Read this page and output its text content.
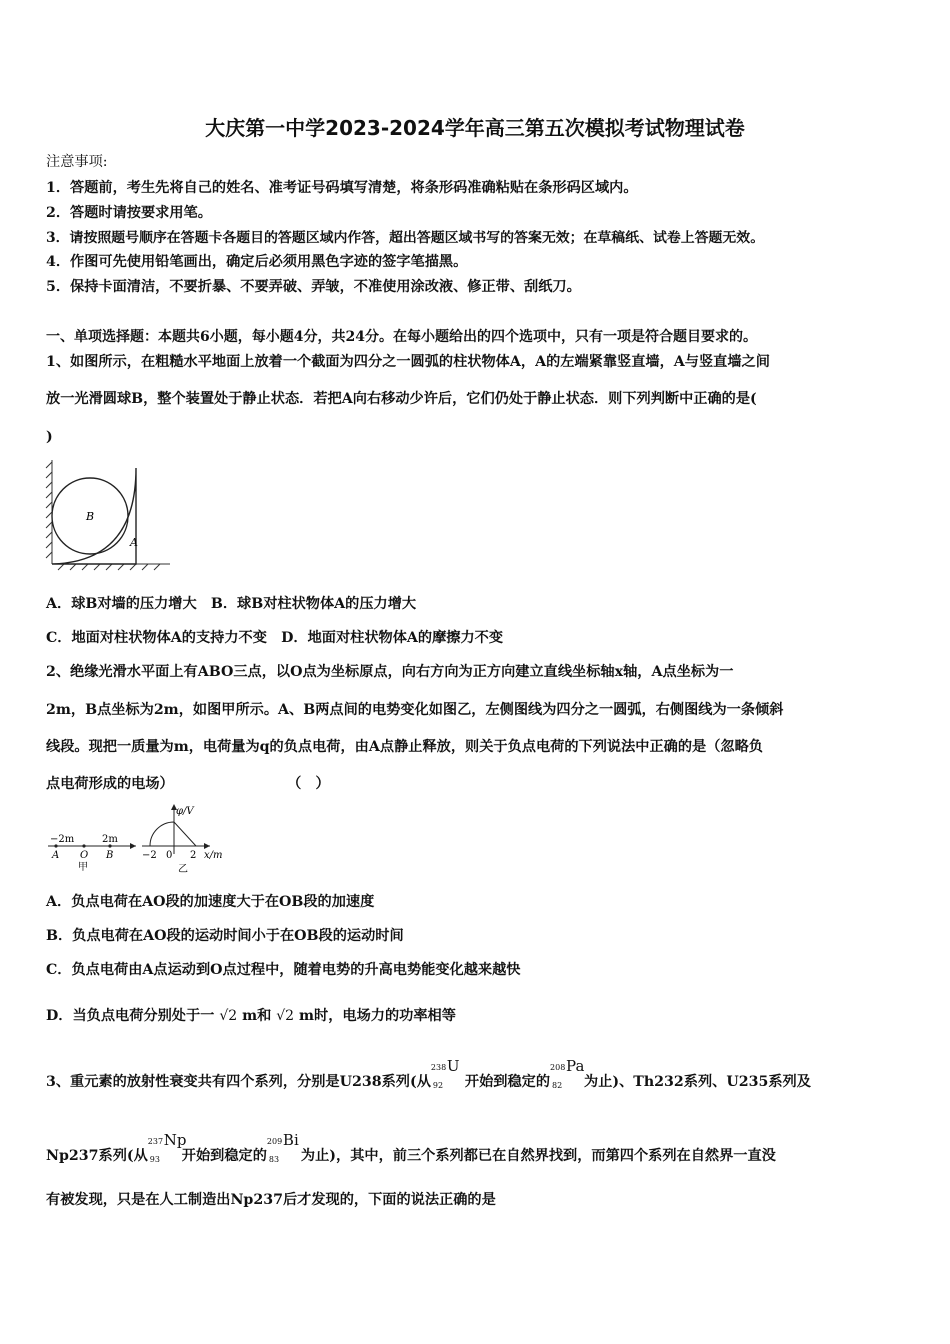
大庆第一中学2023-2024学年高三第五次模拟考试物理试卷
注意事项:
1．答题前，考生先将自己的姓名、准考证号码填写清楚，将条形码准确粘贴在条形码区域内。
2．答题时请按要求用笔。
3．请按照题号顺序在答题卡各题目的答题区域内作答，超出答题区域书写的答案无效；在草稿纸、试卷上答题无效。
4．作图可先使用铅笔画出，确定后必须用黑色字迹的签字笔描黑。
5．保持卡面清洁，不要折暴、不要弄破、弄皱，不准使用涂改液、修正带、刮纸刀。
一、单项选择题：本题共6小题，每小题4分，共24分。在每小题给出的四个选项中，只有一项是符合题目要求的。
1、如图所示，在粗糙水平地面上放着一个截面为四分之一圆弧的柱状物体A，A的左端紧靠竖直墙，A与竖直墙之间
放一光滑圆球B，整个装置处于静止状态．若把A向右移动少许后，它们仍处于静止状态．则下列判断中正确的是(
)
B
A
A．球B对墙的压力增大　B．球B对柱状物体A的压力增大
C．地面对柱状物体A的支持力不变　D．地面对柱状物体A的摩擦力不变
2、绝缘光滑水平面上有ABO三点，以O点为坐标原点，向右方向为正方向建立直线坐标轴x轴，A点坐标为一
2m，B点坐标为2m，如图甲所示。A、B两点间的电势变化如图乙，左侧图线为四分之一圆弧，右侧图线为一条倾斜
线段。现把一质量为m，电荷量为q的负点电荷，由A点静止释放，则关于负点电荷的下列说法中正确的是（忽略负
点电荷形成的电场）　　　　　　　　　（　）
−2m	2m
A O B
甲
φ/V
−2 0 2 x/m
乙
A．负点电荷在AO段的加速度大于在OB段的加速度
B．负点电荷在AO段的运动时间小于在OB段的运动时间
C．负点电荷由A点运动到O点过程中，随着电势的升高电势能变化越来越快
D．当负点电荷分别处于一 √2 m和 √2 m时，电场力的功率相等
3、重元素的放射性衰变共有四个系列，分别是U238系列(从
238
92
U
开始到稳定的
208
82
Pa
为止)、Th232系列、U235系列及
Np237系列(从
237
93
Np
开始到稳定的
209
83
Bi
为止)，其中，前三个系列都已在自然界找到，而第四个系列在自然界一直没
有被发现，只是在人工制造出Np237后才发现的，下面的说法正确的是
